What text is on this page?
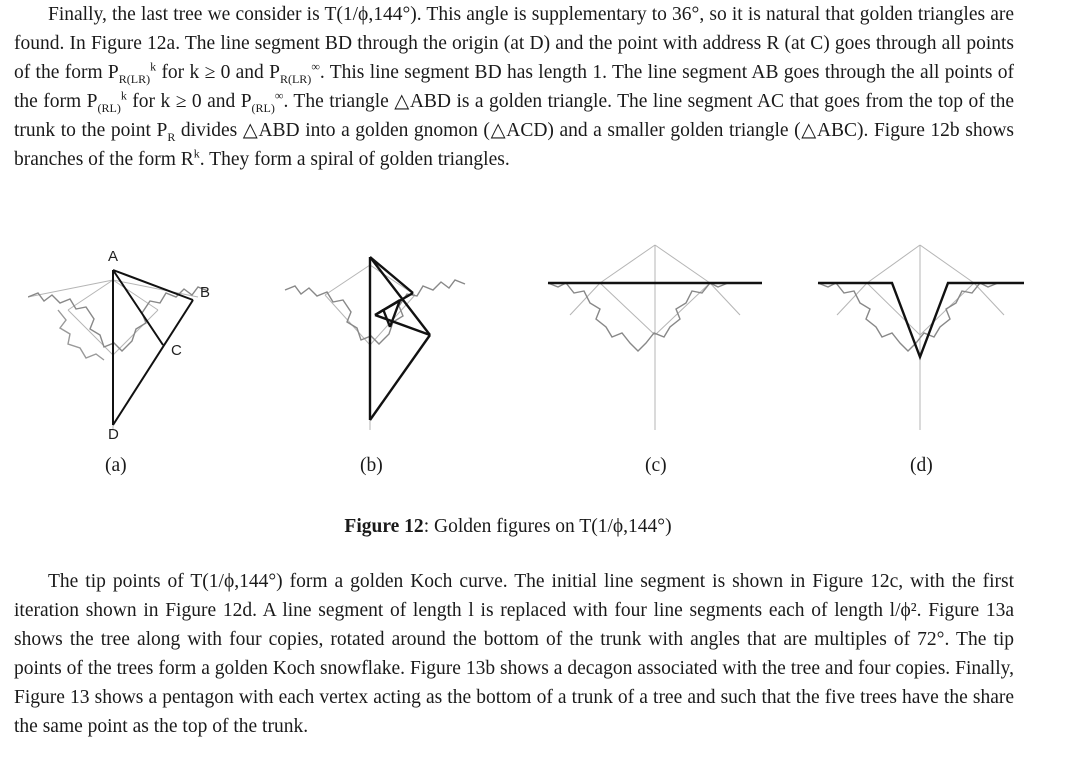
Finally, the last tree we consider is T(1/ϕ,144°). This angle is supplementary to 36°, so it is natural that golden triangles are found. In Figure 12a. The line segment BD through the origin (at D) and the point with address R (at C) goes through all points of the form $P_{R(LR)}^k$ for k ≥ 0 and $P_{R(LR)}^\infty$. This line segment BD has length 1. The line segment AB goes through the all points of the form $P_{(RL)}^k$ for k ≥ 0 and $P_{(RL)}^\infty$. The triangle △ABD is a golden triangle. The line segment AC that goes from the top of the trunk to the point $P_R$ divides △ABD into a golden gnomon (△ACD) and a smaller golden triangle (△ABC). Figure 12b shows branches of the form $R^k$. They form a spiral of golden triangles.
A
B
C
D
(a)	(b)	(c)	(d)
Figure 12: Golden figures on T(1/ϕ,144°)
The tip points of T(1/ϕ,144°) form a golden Koch curve. The initial line segment is shown in Figure 12c, with the first iteration shown in Figure 12d. A line segment of length l is replaced with four line segments each of length l/ϕ². Figure 13a shows the tree along with four copies, rotated around the bottom of the trunk with angles that are multiples of 72°. The tip points of the trees form a golden Koch snowflake. Figure 13b shows a decagon associated with the tree and four copies. Finally, Figure 13 shows a pentagon with each vertex acting as the bottom of a trunk of a tree and such that the five trees have the share the same point as the top of the trunk.
